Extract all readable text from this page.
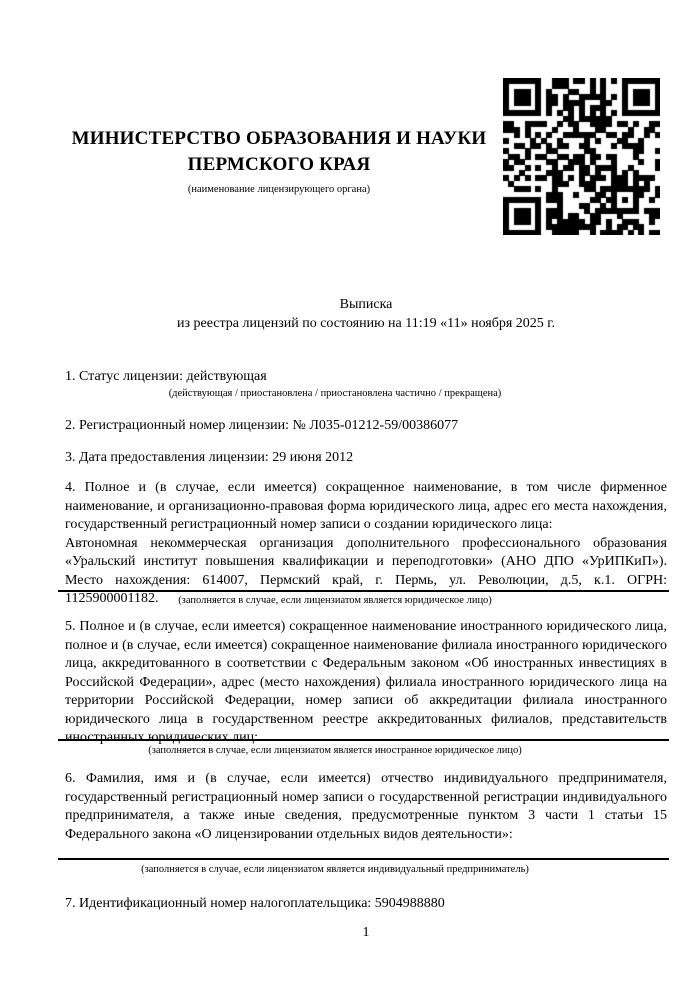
МИНИСТЕРСТВО ОБРАЗОВАНИЯ И НАУКИ
ПЕРМСКОГО КРАЯ
(наименование лицензирующего органа)
Выписка
из реестра лицензий по состоянию на 11:19 «11» ноября 2025 г.

1. Статус лицензии: действующая

(действующая / приостановлена / приостановлена частично / прекращена)

2. Регистрационный номер лицензии: № Л035-01212-59/00386077

3. Дата предоставления лицензии: 29 июня 2012

4. Полное и (в случае, если имеется) сокращенное наименование, в том числе фирменное наименование, и организационно-правовая форма юридического лица, адрес его места нахождения, государственный регистрационный номер записи о создании юридического лица:

Автономная некоммерческая организация дополнительного профессионального образования «Уральский институт повышения квалификации и переподготовки» (АНО ДПО «УрИПКиП»). Место нахождения: 614007, Пермский край, г. Пермь, ул. Революции, д.5, к.1. ОГРН: 1125900001182.	(заполняется в случае, если лицензиатом является юридическое лицо)

5. Полное и (в случае, если имеется) сокращенное наименование иностранного юридического лица, полное и (в случае, если имеется) сокращенное наименование филиала иностранного юридического лица, аккредитованного в соответствии с Федеральным законом «Об иностранных инвестициях в Российской Федерации», адрес (место нахождения) филиала иностранного юридического лица на территории Российской Федерации, номер записи об аккредитации филиала иностранного юридического лица в государственном реестре аккредитованных филиалов, представительств иностранных юридических лиц:

(заполняется в случае, если лицензиатом является иностранное юридическое лицо)

6. Фамилия, имя и (в случае, если имеется) отчество индивидуального предпринимателя, государственный регистрационный номер записи о государственной регистрации индивидуального предпринимателя, а также иные сведения, предусмотренные пунктом 3 части 1 статьи 15 Федерального закона «О лицензировании отдельных видов деятельности»:

(заполняется в случае, если лицензиатом является индивидуальный предприниматель)

7. Идентификационный номер налогоплательщика: 5904988880

1
